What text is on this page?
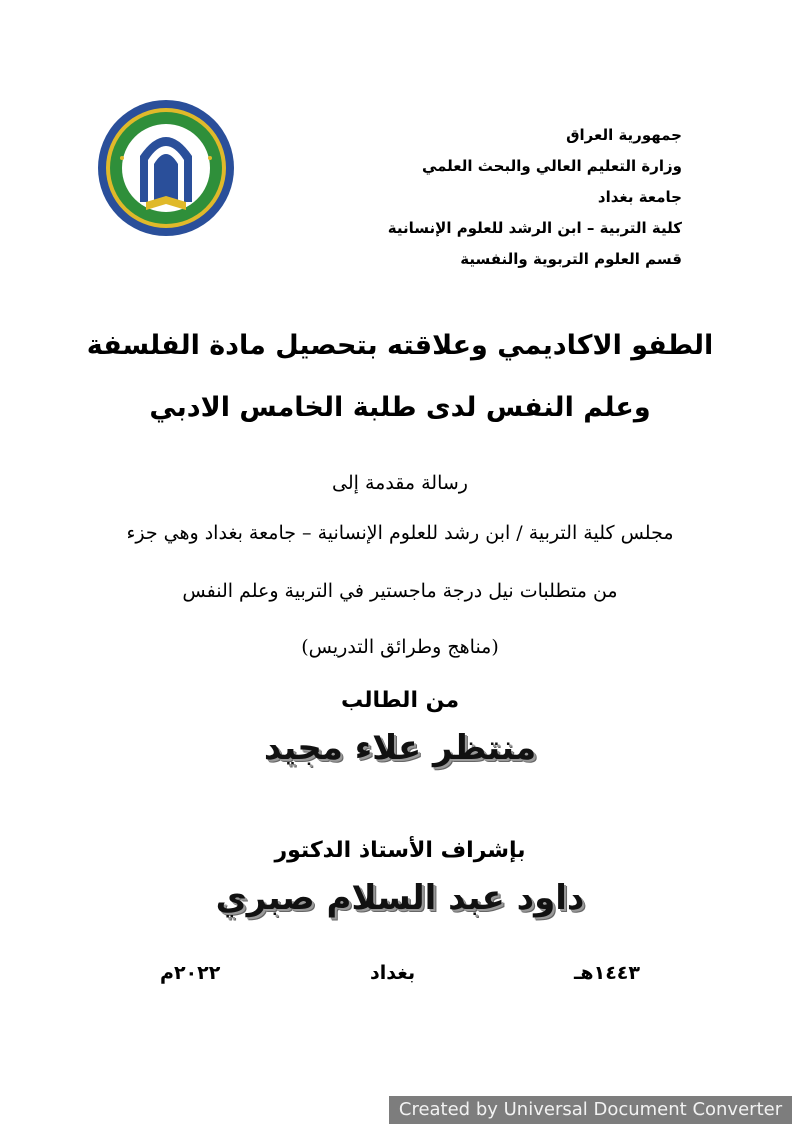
جمهورية العراق
وزارة التعليم العالي والبحث العلمي
جامعة بغداد
كلية التربية – ابن الرشد للعلوم الإنسانية
قسم العلوم التربوية والنفسية
الطفو الاكاديمي وعلاقته بتحصيل مادة الفلسفة
وعلم النفس لدى طلبة الخامس الادبي
رسالة مقدمة إلى
مجلس كلية التربية / ابن رشد للعلوم الإنسانية – جامعة بغداد وهي جزء
من متطلبات نيل درجة ماجستير في التربية وعلم النفس
(مناهج وطرائق التدريس)
من الطالب
منتظر علاء مجيد
بإشراف الأستاذ الدكتور
داود عبد السلام صبري
١٤٤٣هـ
بغداد
٢٠٢٢م
Created by Universal Document Converter
